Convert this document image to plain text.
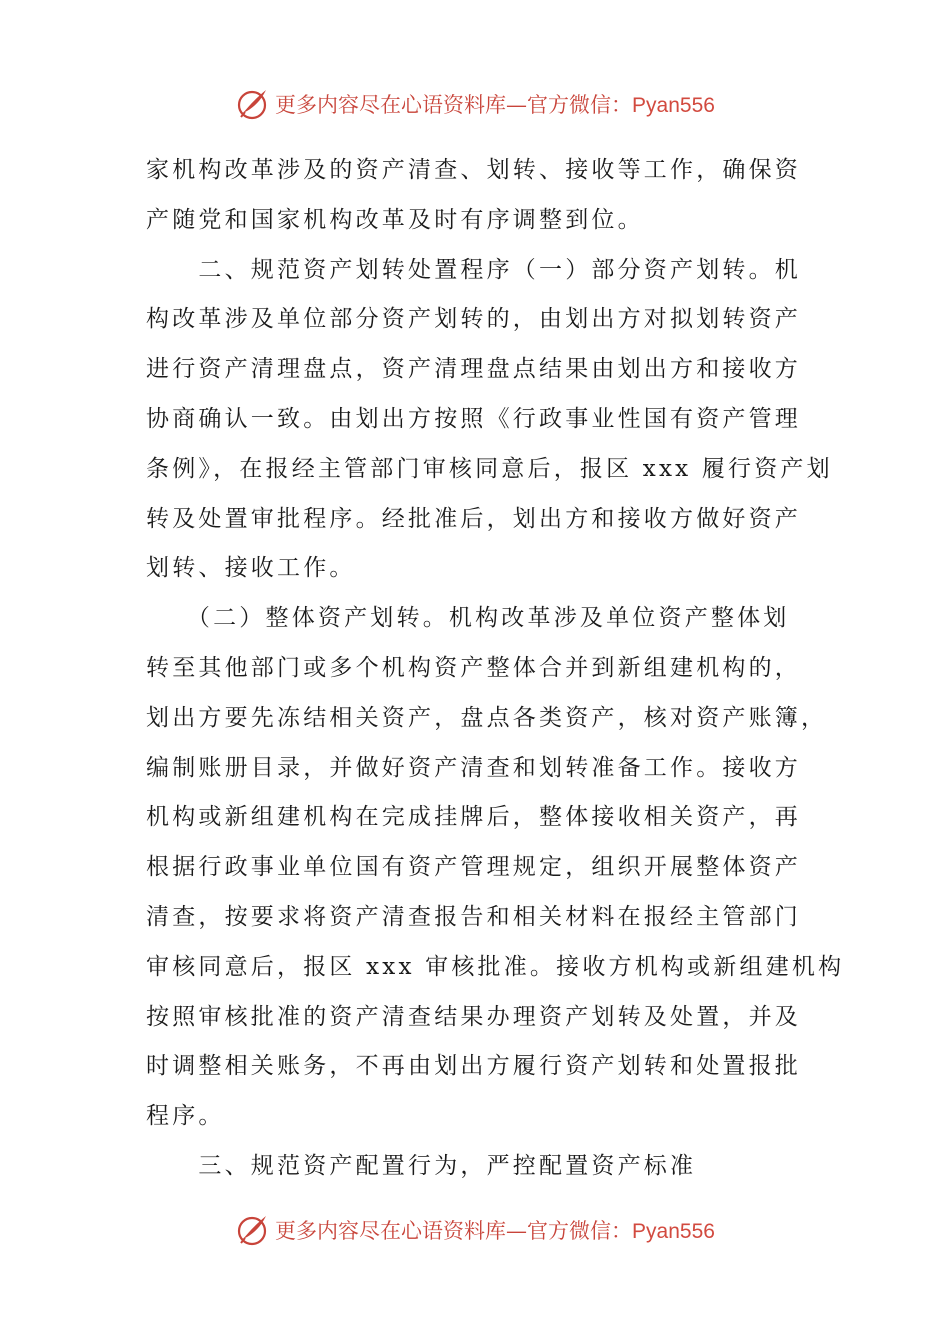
更多内容尽在心语资料库—官方微信：Pyan556
家机构改革涉及的资产清查、划转、接收等工作，确保资
产随党和国家机构改革及时有序调整到位。
　　二、规范资产划转处置程序（一）部分资产划转。机
构改革涉及单位部分资产划转的，由划出方对拟划转资产
进行资产清理盘点，资产清理盘点结果由划出方和接收方
协商确认一致。由划出方按照《行政事业性国有资产管理
条例》，在报经主管部门审核同意后，报区 xxx 履行资产划
转及处置审批程序。经批准后，划出方和接收方做好资产
划转、接收工作。
　　（二）整体资产划转。机构改革涉及单位资产整体划
转至其他部门或多个机构资产整体合并到新组建机构的，
划出方要先冻结相关资产，盘点各类资产，核对资产账簿，
编制账册目录，并做好资产清查和划转准备工作。接收方
机构或新组建机构在完成挂牌后，整体接收相关资产，再
根据行政事业单位国有资产管理规定，组织开展整体资产
清查，按要求将资产清查报告和相关材料在报经主管部门
审核同意后，报区 xxx 审核批准。接收方机构或新组建机构
按照审核批准的资产清查结果办理资产划转及处置，并及
时调整相关账务，不再由划出方履行资产划转和处置报批
程序。
　　三、规范资产配置行为，严控配置资产标准
更多内容尽在心语资料库—官方微信：Pyan556
